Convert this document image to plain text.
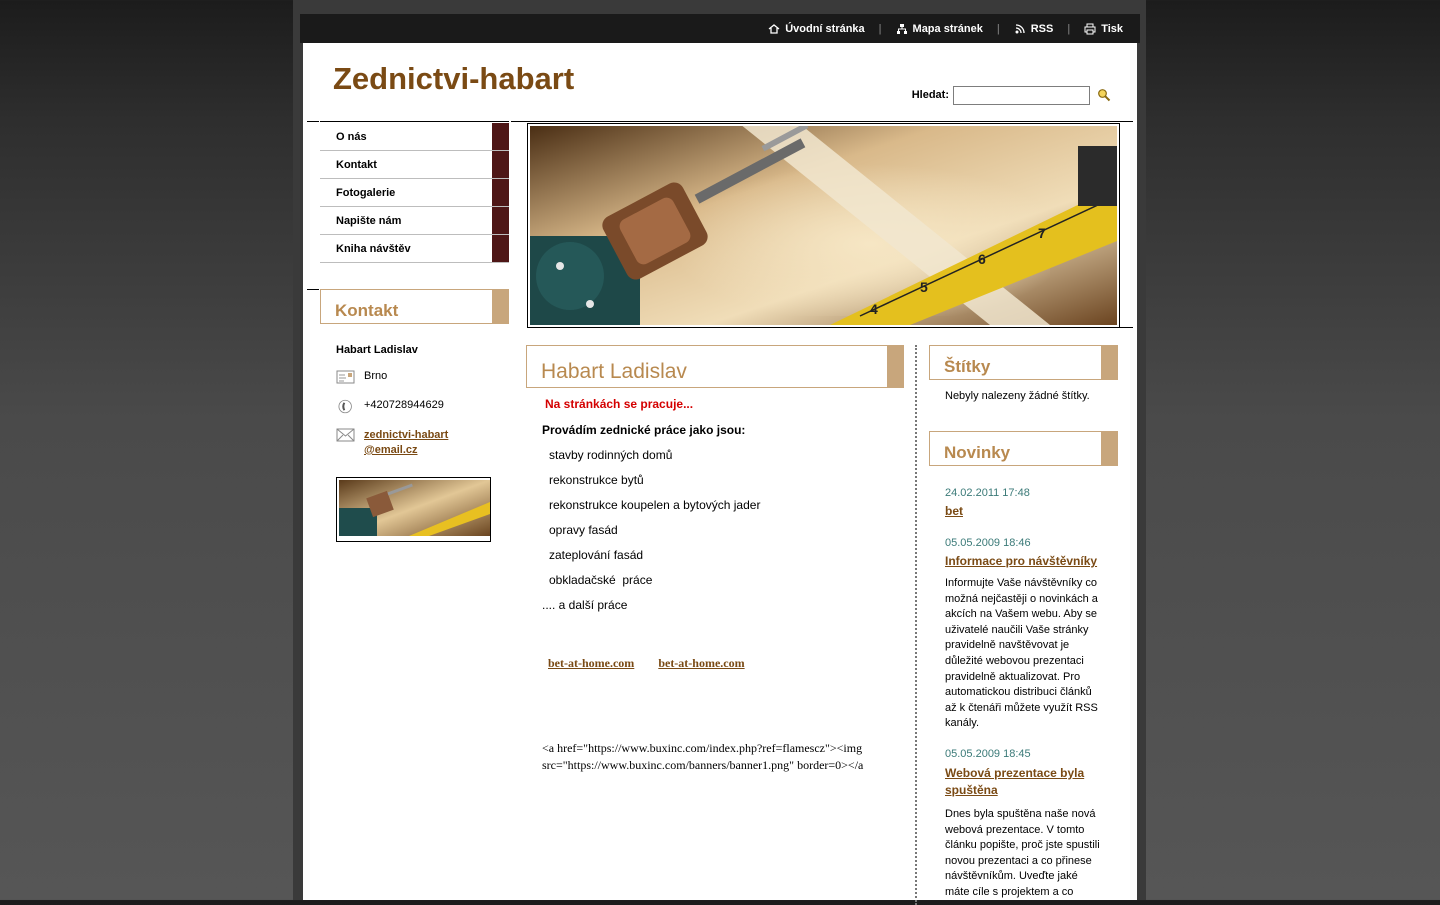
Úvodní stránka |	Mapa stránek |	RSS |	Tisk
Zednictvi-habart	Hledat:
O nás
Kontakt
Fotogalerie
Napište nám
Kniha návštěv
Kontakt
Habart Ladislav
Brno
+420728944629
zednictvi-habart
@email.cz
4
5
6
7
Habart Ladislav
Na stránkách se pracuje...
Provádím zednické práce jako jsou:
stavby rodinných domů
rekonstrukce bytů
rekonstrukce koupelen a bytových jader
opravy fasád
zateplování fasád
obkladačské  práce
.... a další práce
bet-at-home.com bet-at-home.com
<a href="https://www.buxinc.com/index.php?ref=flamescz"><img src="https://www.buxinc.com/banners/banner1.png" border=0></a
Štítky
Nebyly nalezeny žádné štítky.
Novinky
24.02.2011 17:48
bet
05.05.2009 18:46
Informace pro návštěvníky
Informujte Vaše návštěvníky co možná nejčastěji o novinkách a akcích na Vašem webu. Aby se uživatelé naučili Vaše stránky pravidelně navštěvovat je důležité webovou prezentaci pravidelně aktualizovat. Pro automatickou distribuci článků až k čtenáři můžete využít RSS kanály.
05.05.2009 18:45
Webová prezentace byla spuštěna
Dnes byla spuštěna naše nová webová prezentace. V tomto článku popište, proč jste spustili novou prezentaci a co přinese návštěvníkům. Uveďte jaké máte cíle s projektem a co
